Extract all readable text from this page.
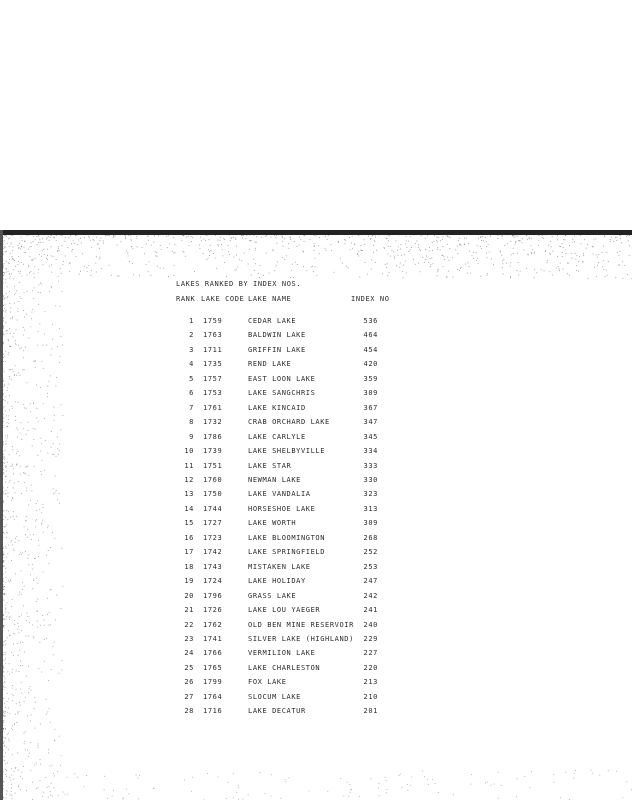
LAKES RANKED BY INDEX NOS.
RANK LAKE CODE LAKE NAME	INDEX NO
1 1759	CEDAR LAKE	536
2 1763	BALDWIN LAKE	464
3 1711	GRIFFIN LAKE	454
4 1735	REND LAKE	420
5 1757	EAST LOON LAKE	359
6 1753	LAKE SANGCHRIS	309
7 1761	LAKE KINCAID	367
8 1732	CRAB ORCHARD LAKE	347
9 1786	LAKE CARLYLE	345
10 1739	LAKE SHELBYVILLE	334
11 1751	LAKE STAR	333
12 1760	NEWMAN LAKE	330
13 1750	LAKE VANDALIA	323
14 1744	HORSESHOE LAKE	313
15 1727	LAKE WORTH	309
16 1723	LAKE BLOOMINGTON	268
17 1742	LAKE SPRINGFIELD	252
18 1743	MISTAKEN LAKE	253
19 1724	LAKE HOLIDAY	247
20 1796	GRASS LAKE	242
21 1726	LAKE LOU YAEGER	241
22 1762	OLD BEN MINE RESERVOIR	240
23 1741	SILVER LAKE (HIGHLAND)	229
24 1766	VERMILION LAKE	227
25 1765	LAKE CHARLESTON	220
26 1799	FOX LAKE	213
27 1764	SLOCUM LAKE	210
28 1716	LAKE DECATUR	201
